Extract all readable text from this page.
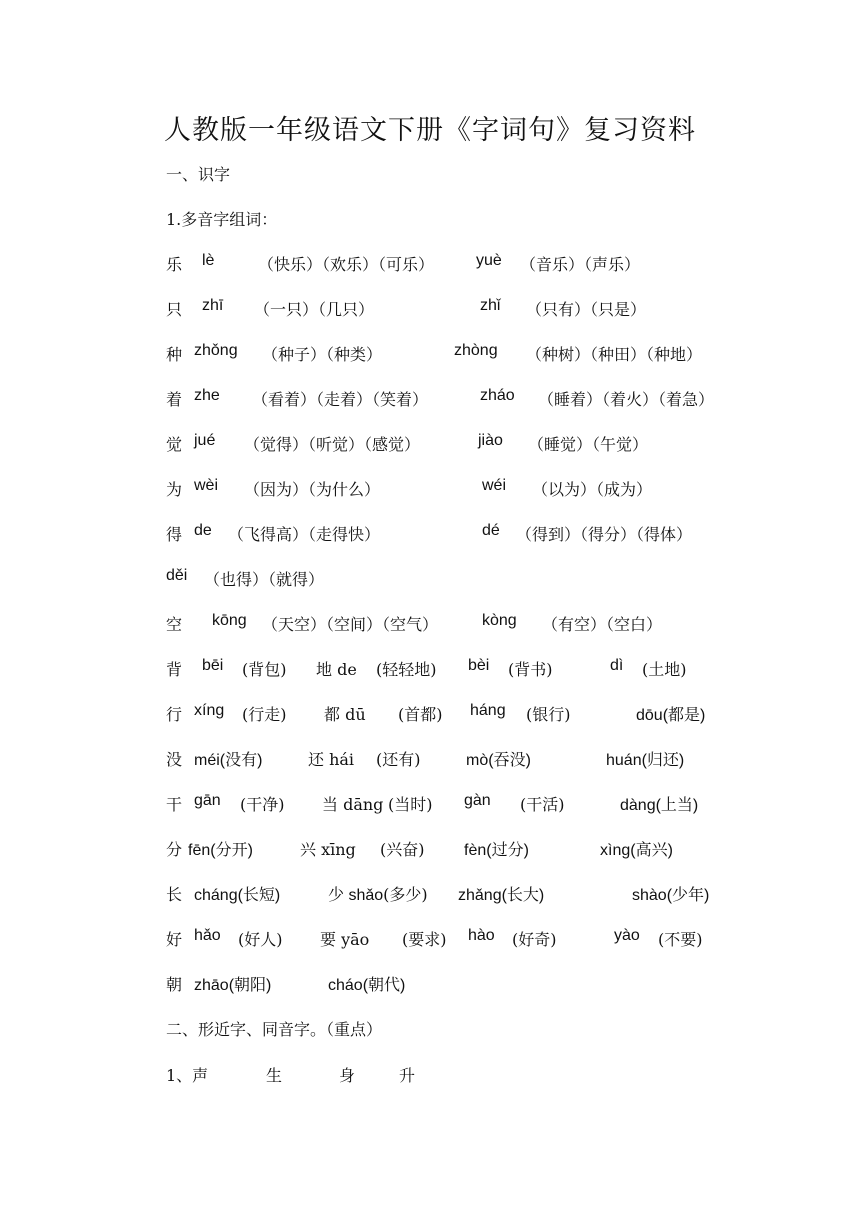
人教版一年级语文下册《字词句》复习资料
一、识字
1.多音字组词：
乐 lè	（快乐）（欢乐）（可乐）	yuè （音乐）（声乐）
只 zhī （一只）（几只）	zhǐ （只有）（只是）
种 zhǒng （种子）（种类）	zhòng （种树）（种田）（种地）
着 zhe （看着）（走着）（笑着）	zháo （睡着）（着火）（着急）
觉 jué （觉得）（听觉）（感觉）	jiào （睡觉）（午觉）
为 wèi （因为）（为什么）	wéi （以为）（成为）
得 de （飞得高）（走得快）	dé （得到）（得分）（得体）
děi （也得）（就得）
空 kōng （天空）（空间）（空气）	kòng （有空）（空白）
背 bēi (背包) 地 de (轻轻地) bèi (背书)	dì (土地)
行 xíng (行走) 都 dū (首都) háng (银行)	dōu(都是)
没 méi(没有)	还 hái (还有)	mò(吞没)	huán(归还)
干 gān (干净) 当 dāng (当时) gàn (干活)	dàng(上当)
分 fēn(分开)	兴 xīng (兴奋) fèn(过分)	xìng(高兴)
长 cháng(长短)	少 shǎo(多少) zhǎng(长大)	shào(少年)
好 hǎo (好人) 要 yāo (要求) hào (好奇)	yào (不要)
朝 zhāo(朝阳)	cháo(朝代)
二、形近字、同音字。（重点）
1、声	生	身	升
